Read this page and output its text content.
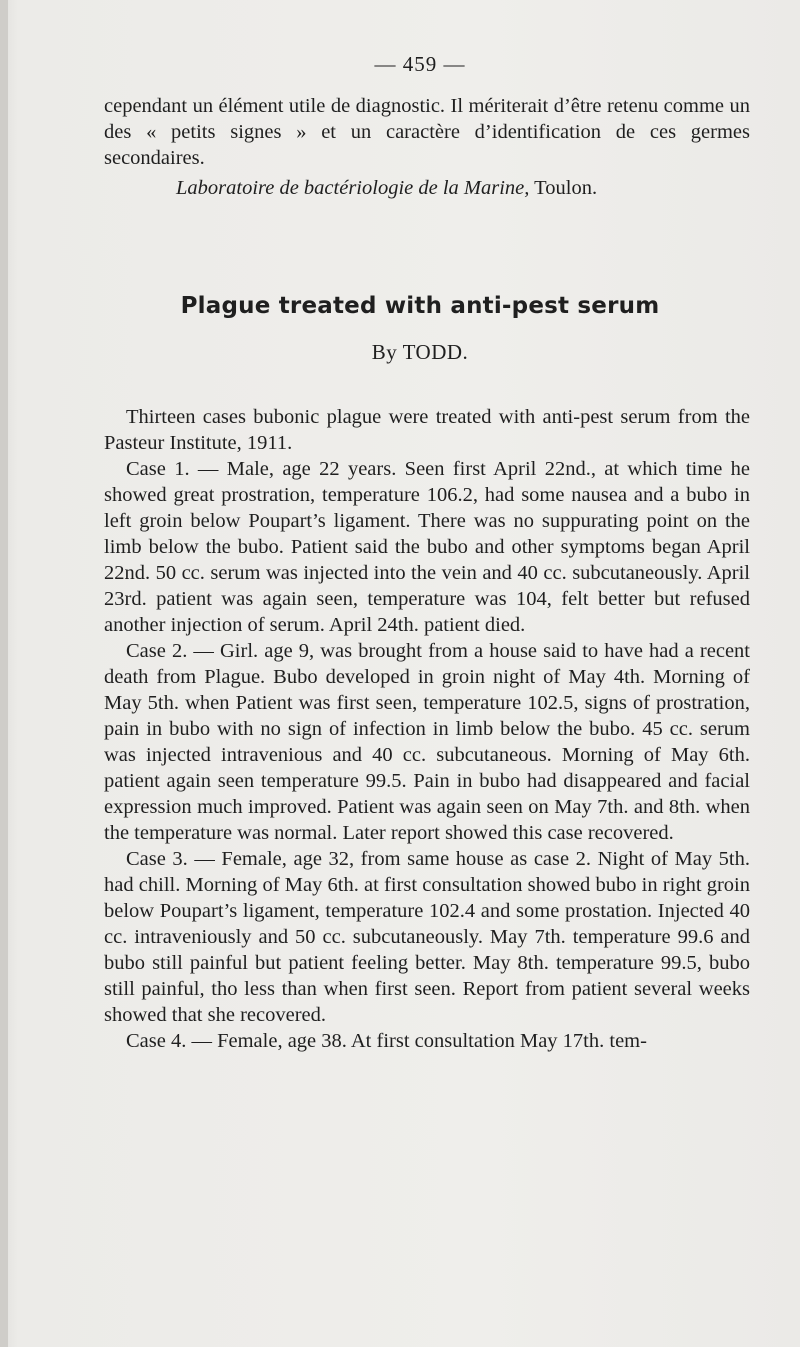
— 459 —

cependant un élément utile de diagnostic. Il mériterait d’être retenu comme un des « petits signes » et un caractère d’identification de ces germes secondaires.

Laboratoire de bactériologie de la Marine, Toulon.
Plague treated with anti-pest serum
By TODD.

Thirteen cases bubonic plague were treated with anti-pest serum from the Pasteur Institute, 1911.

Case 1. — Male, age 22 years. Seen first April 22nd., at which time he showed great prostration, temperature 106.2, had some nausea and a bubo in left groin below Poupart’s ligament. There was no suppurating point on the limb below the bubo. Patient said the bubo and other symptoms began April 22nd. 50 cc. serum was injected into the vein and 40 cc. subcutaneously. April 23rd. patient was again seen, temperature was 104, felt better but refused another injection of serum. April 24th. patient died.

Case 2. — Girl. age 9, was brought from a house said to have had a recent death from Plague. Bubo developed in groin night of May 4th. Morning of May 5th. when Patient was first seen, temperature 102.5, signs of prostration, pain in bubo with no sign of infection in limb below the bubo. 45 cc. serum was injected intravenious and 40 cc. subcutaneous. Morning of May 6th. patient again seen temperature 99.5. Pain in bubo had disappeared and facial expression much improved. Patient was again seen on May 7th. and 8th. when the temperature was normal. Later report showed this case recovered.

Case 3. — Female, age 32, from same house as case 2. Night of May 5th. had chill. Morning of May 6th. at first consultation showed bubo in right groin below Poupart’s ligament, temperature 102.4 and some prostation. Injected 40 cc. intraveniously and 50 cc. subcutaneously. May 7th. temperature 99.6 and bubo still painful but patient feeling better. May 8th. temperature 99.5, bubo still painful, tho less than when first seen. Report from patient several weeks showed that she recovered.

Case 4. — Female, age 38. At first consultation May 17th. tem-
